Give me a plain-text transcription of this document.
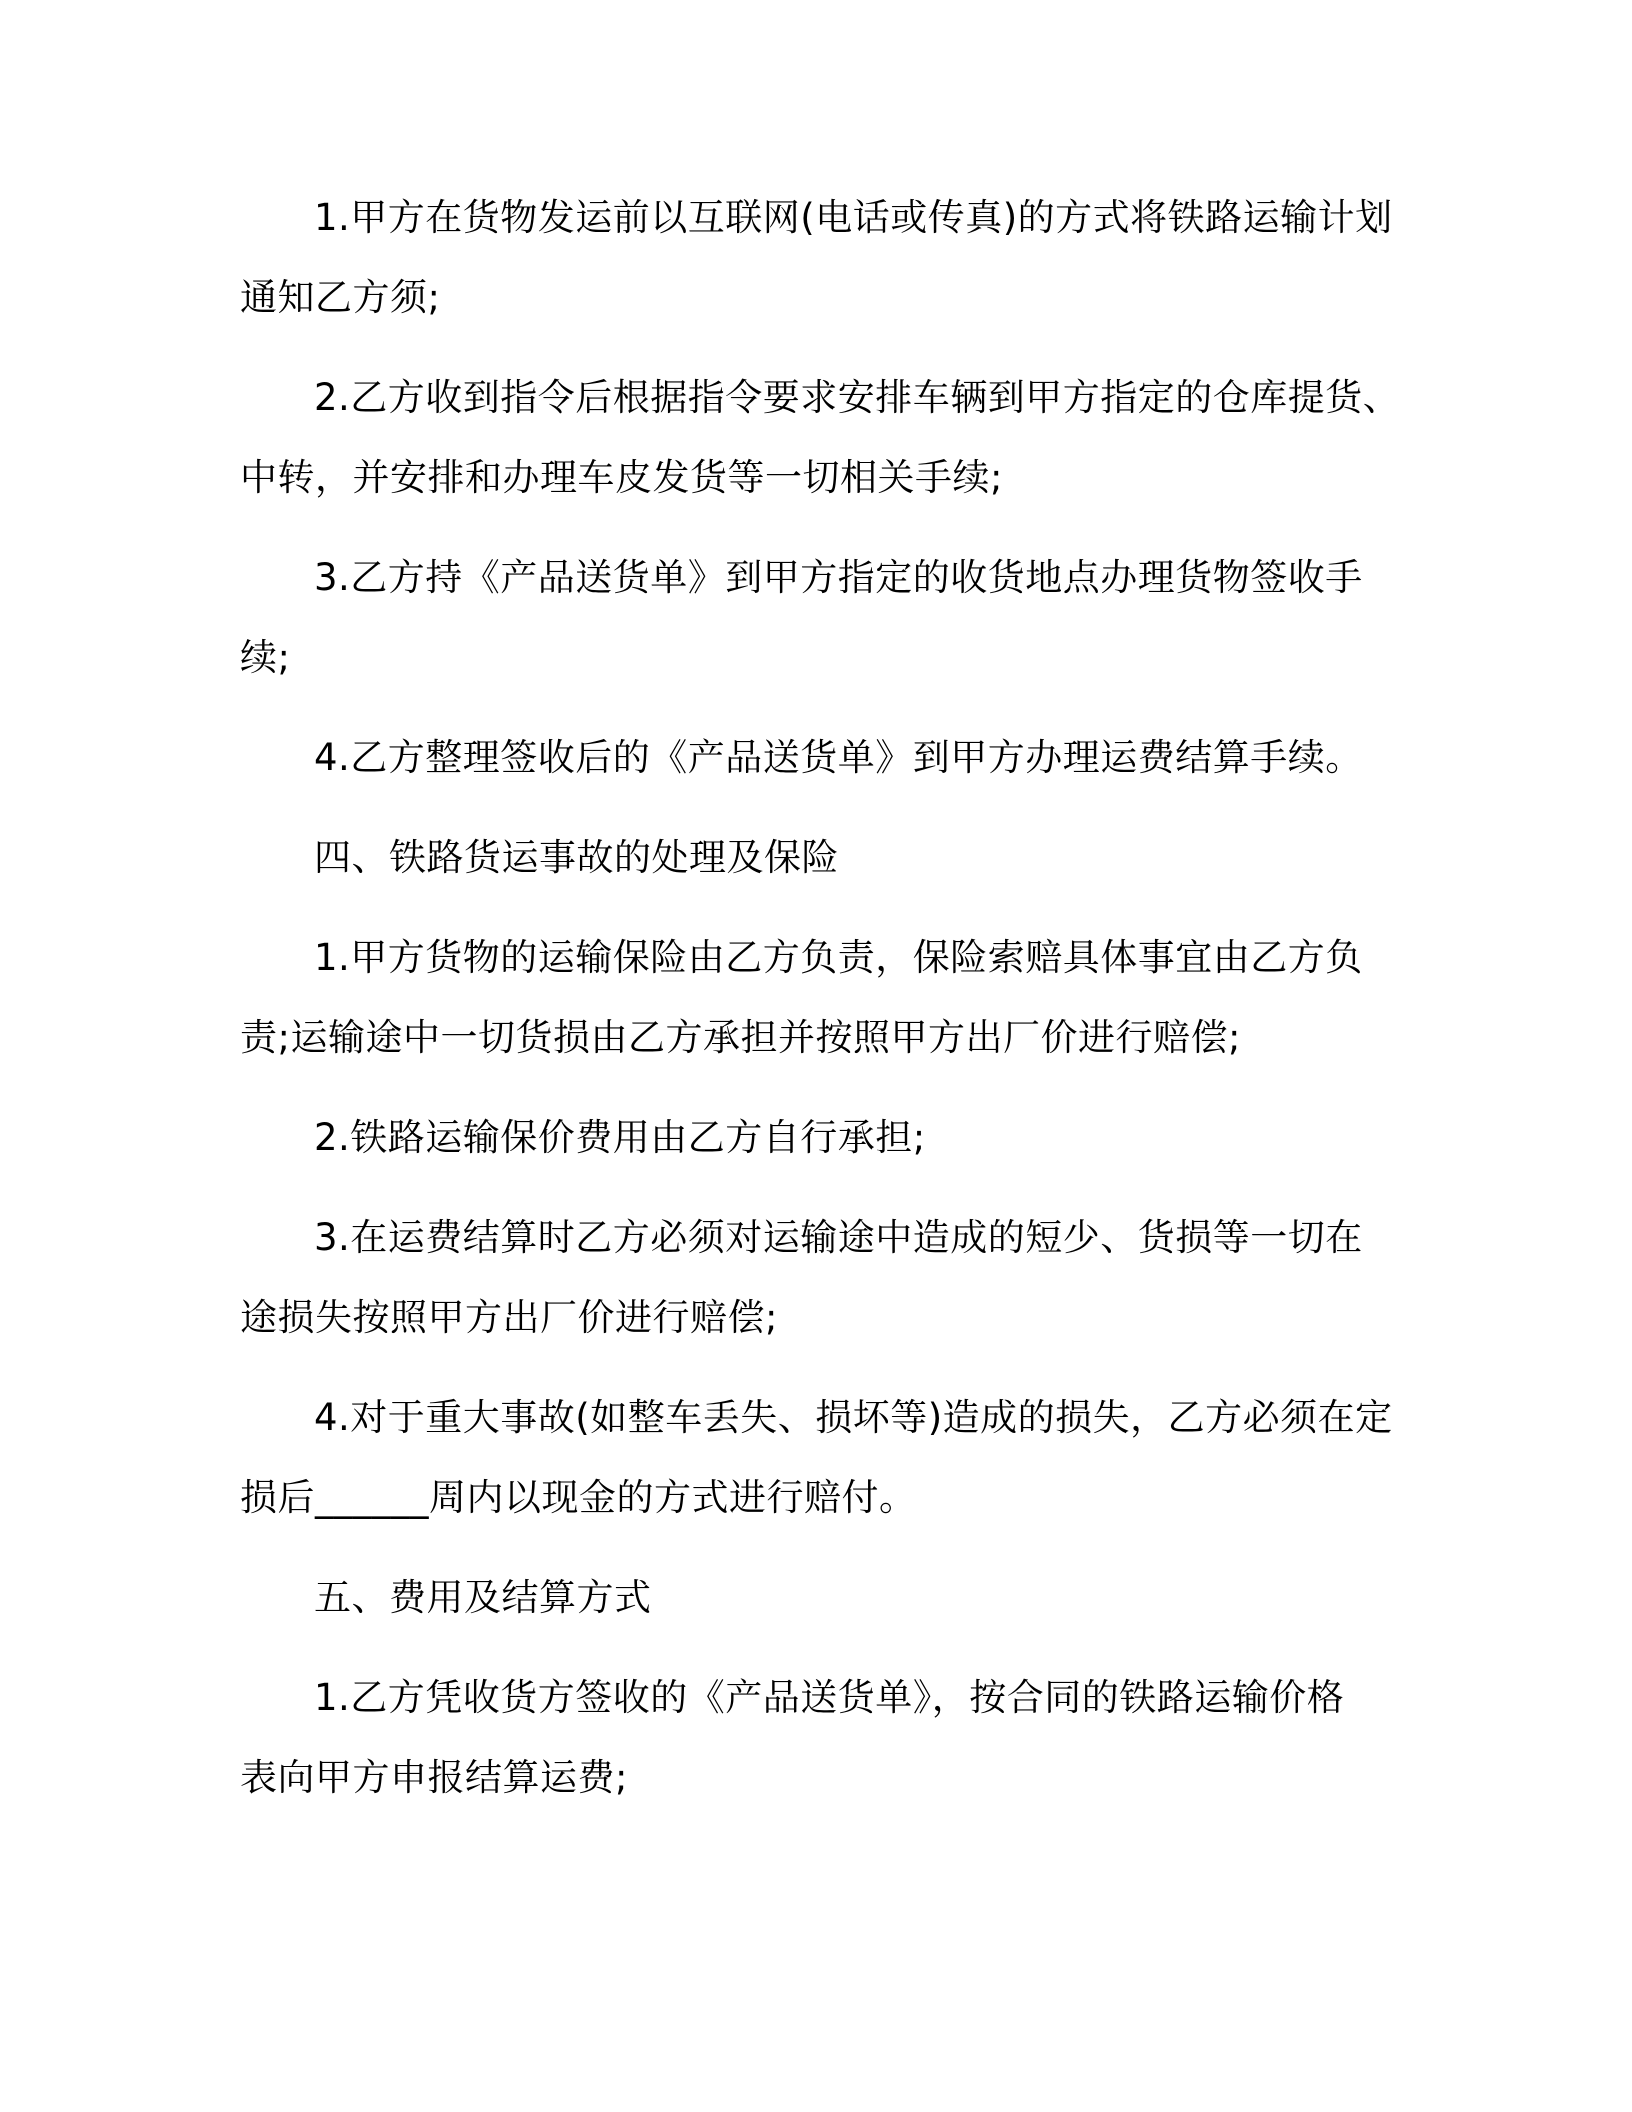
1.甲方在货物发运前以互联网(电话或传真)的方式将铁路运输计划
通知乙方须;
2.乙方收到指令后根据指令要求安排车辆到甲方指定的仓库提货、
中转，并安排和办理车皮发货等一切相关手续;
3.乙方持《产品送货单》到甲方指定的收货地点办理货物签收手
续;
4.乙方整理签收后的《产品送货单》到甲方办理运费结算手续。
四、铁路货运事故的处理及保险
1.甲方货物的运输保险由乙方负责，保险索赔具体事宜由乙方负
责;运输途中一切货损由乙方承担并按照甲方出厂价进行赔偿;
2.铁路运输保价费用由乙方自行承担;
3.在运费结算时乙方必须对运输途中造成的短少、货损等一切在
途损失按照甲方出厂价进行赔偿;
4.对于重大事故(如整车丢失、损坏等)造成的损失，乙方必须在定
损后______周内以现金的方式进行赔付。
五、费用及结算方式
1.乙方凭收货方签收的《产品送货单》，按合同的铁路运输价格
表向甲方申报结算运费;
